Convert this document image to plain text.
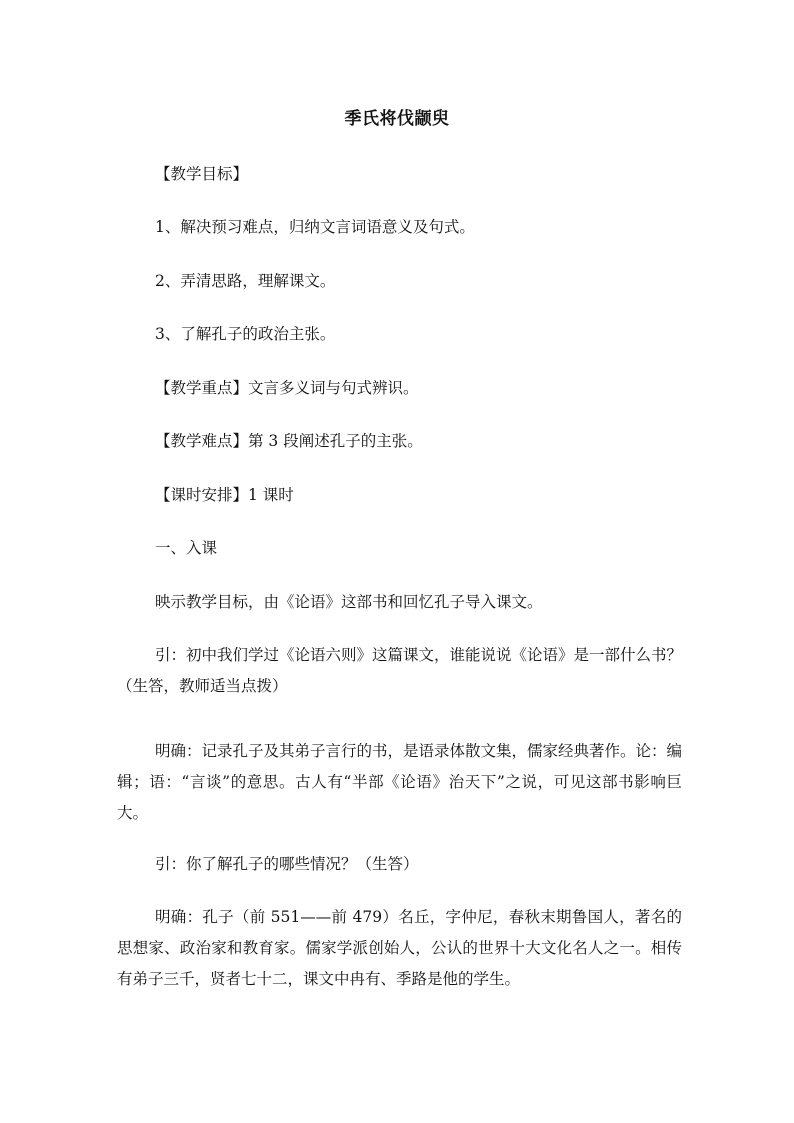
季氏将伐颛臾
【教学目标】
1、解决预习难点，归纳文言词语意义及句式。
2、弄清思路，理解课文。
3、了解孔子的政治主张。
【教学重点】文言多义词与句式辨识。
【教学难点】第 3 段阐述孔子的主张。
【课时安排】1 课时
一、入课
映示教学目标，由《论语》这部书和回忆孔子导入课文。
引：初中我们学过《论语六则》这篇课文，谁能说说《论语》是一部什么书？（生答，教师适当点拨）
明确：记录孔子及其弟子言行的书，是语录体散文集，儒家经典著作。论：编辑；语：“言谈”的意思。古人有“半部《论语》治天下”之说，可见这部书影响巨大。
引：你了解孔子的哪些情况？（生答）
明确：孔子（前 551——前 479）名丘，字仲尼，春秋末期鲁国人，著名的思想家、政治家和教育家。儒家学派创始人，公认的世界十大文化名人之一。相传有弟子三千，贤者七十二，课文中冉有、季路是他的学生。
